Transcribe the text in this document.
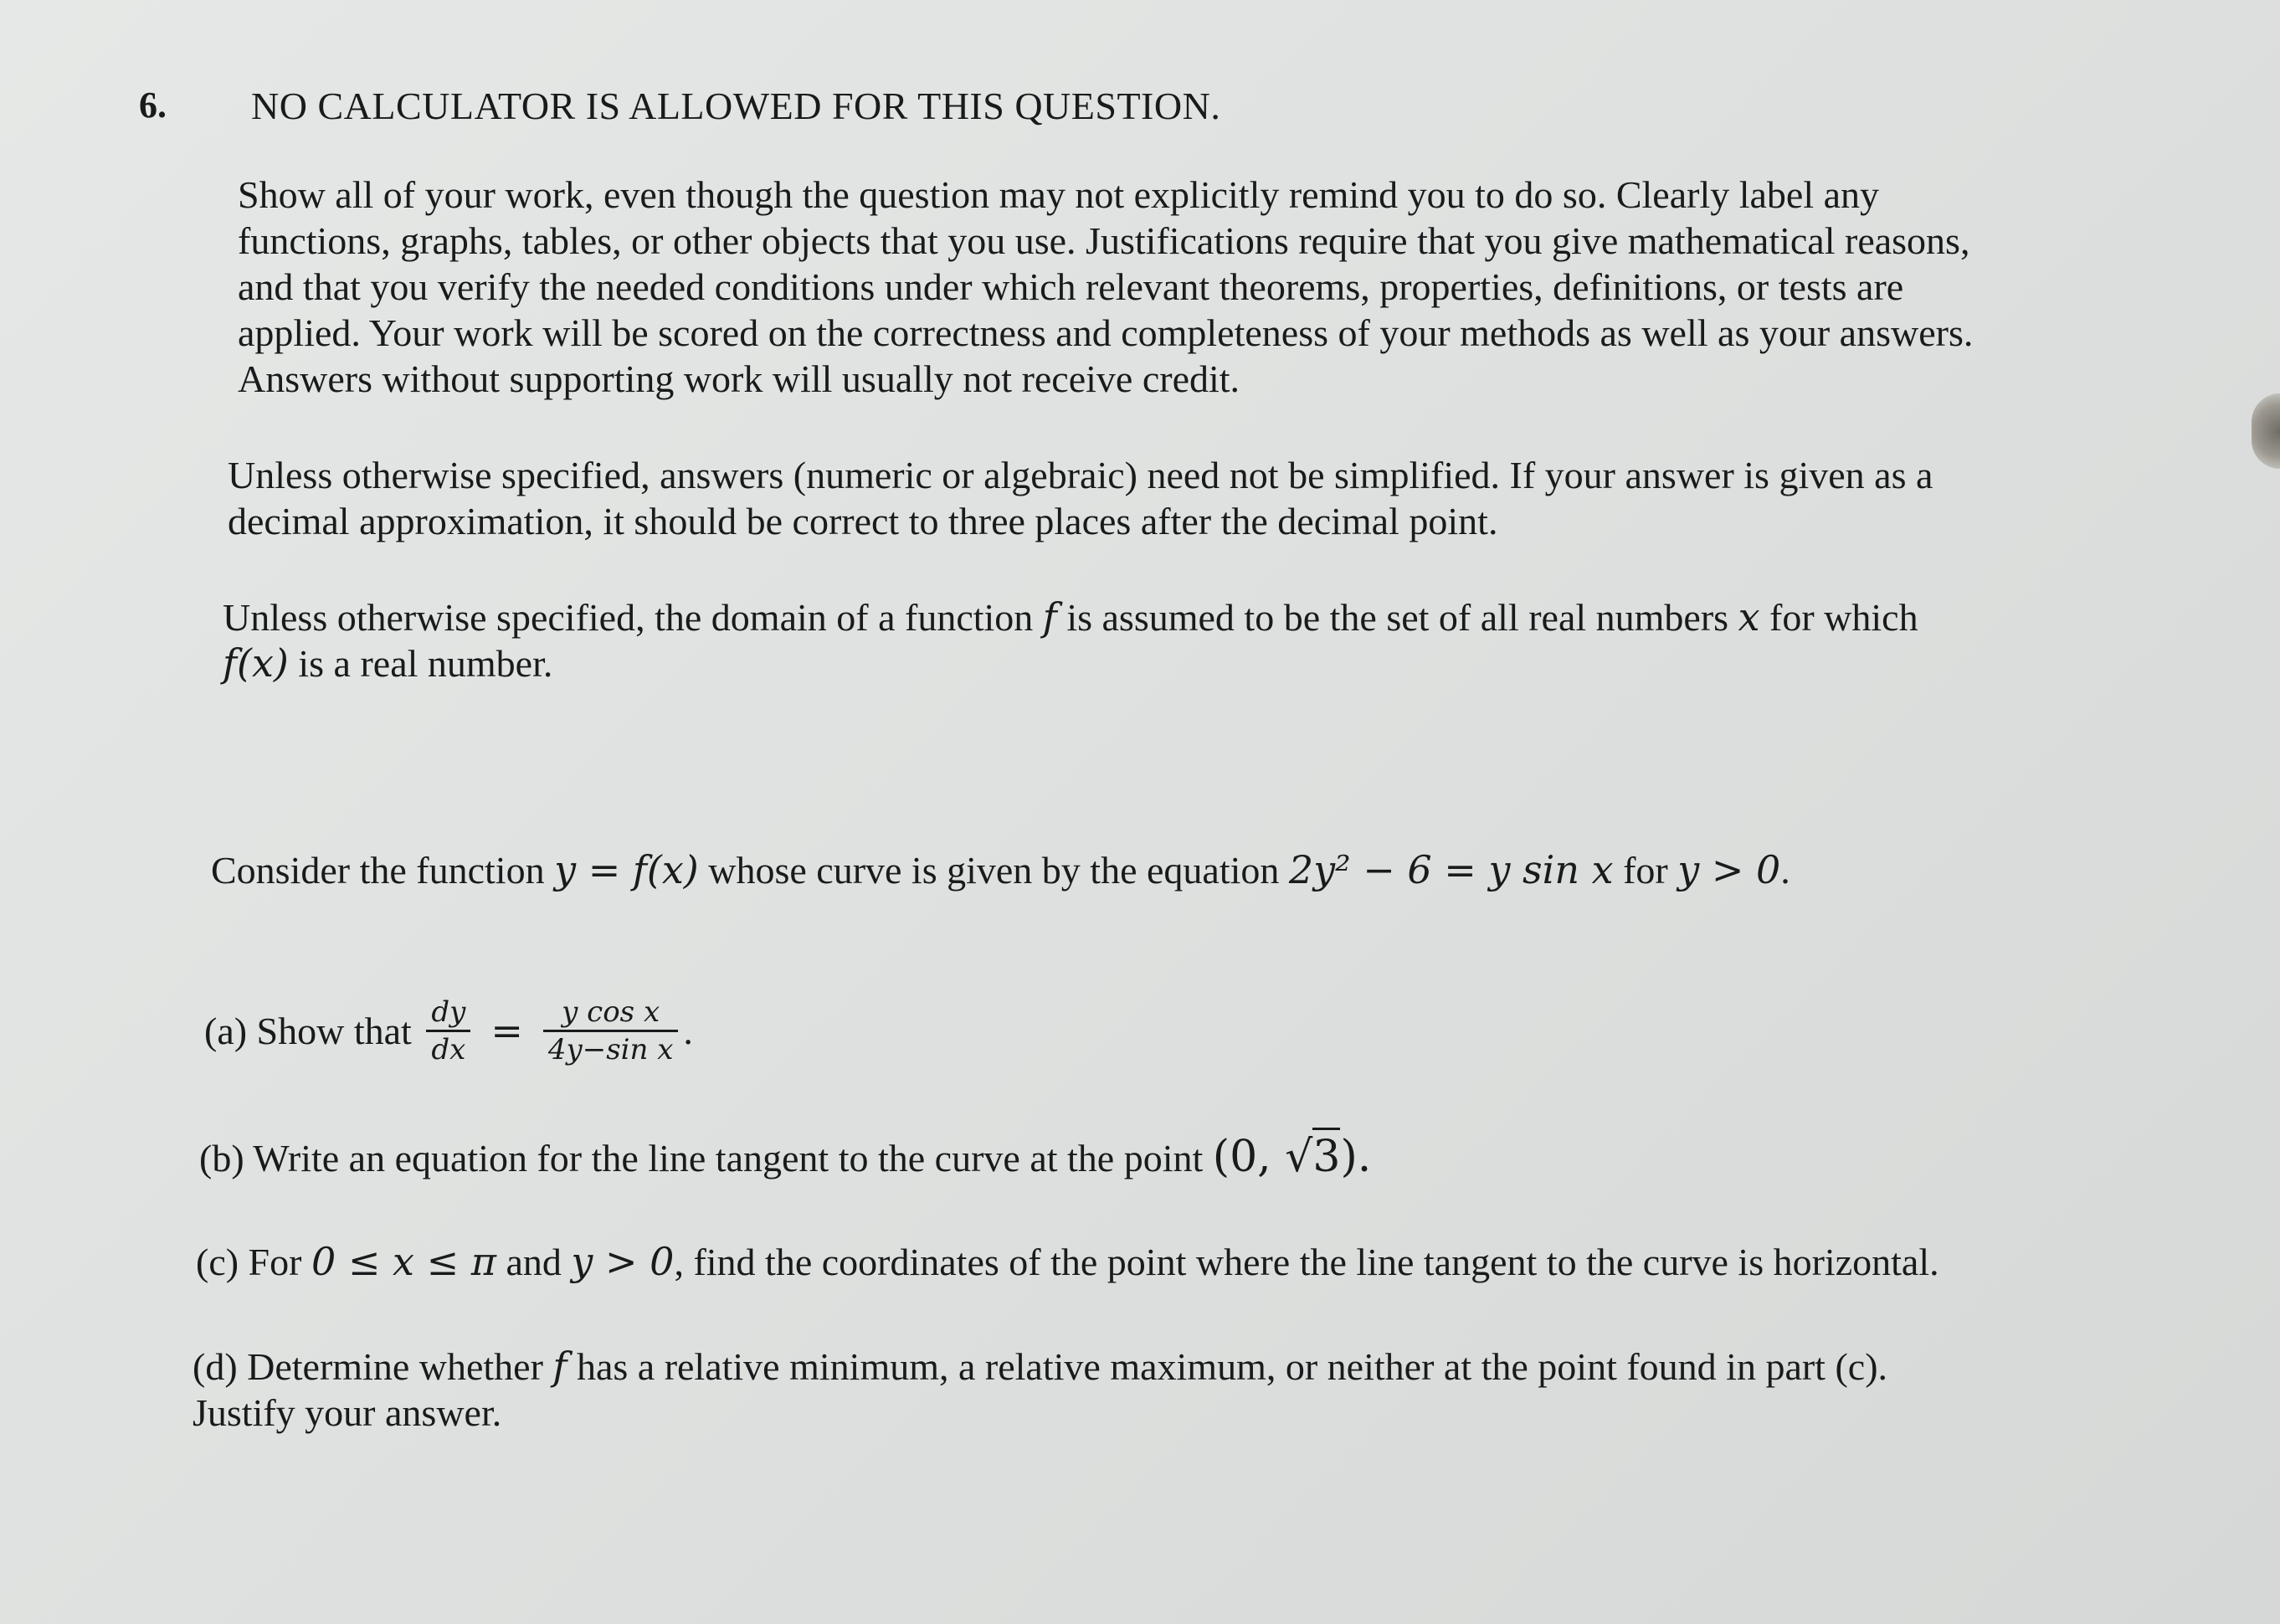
6. NO CALCULATOR IS ALLOWED FOR THIS QUESTION.

Show all of your work, even though the question may not explicitly remind you to do so. Clearly label any
functions, graphs, tables, or other objects that you use. Justifications require that you give mathematical reasons,
and that you verify the needed conditions under which relevant theorems, properties, definitions, or tests are
applied. Your work will be scored on the correctness and completeness of your methods as well as your answers.
Answers without supporting work will usually not receive credit.

Unless otherwise specified, answers (numeric or algebraic) need not be simplified. If your answer is given as a
decimal approximation, it should be correct to three places after the decimal point.

Unless otherwise specified, the domain of a function f is assumed to be the set of all real numbers x for which
f(x) is a real number.

Consider the function y = f(x) whose curve is given by the equation 2y² − 6 = y sin x for y > 0.

(a) Show that $\frac{dy}{dx} = \frac{\text{y cos x}}{\text{4y−sin x}}$ .

(b) Write an equation for the line tangent to the curve at the point (0, √3).

(c) For 0 ≤ x ≤ π and y > 0, find the coordinates of the point where the line tangent to the curve is horizontal.

(d) Determine whether f has a relative minimum, a relative maximum, or neither at the point found in part (c).
Justify your answer.
